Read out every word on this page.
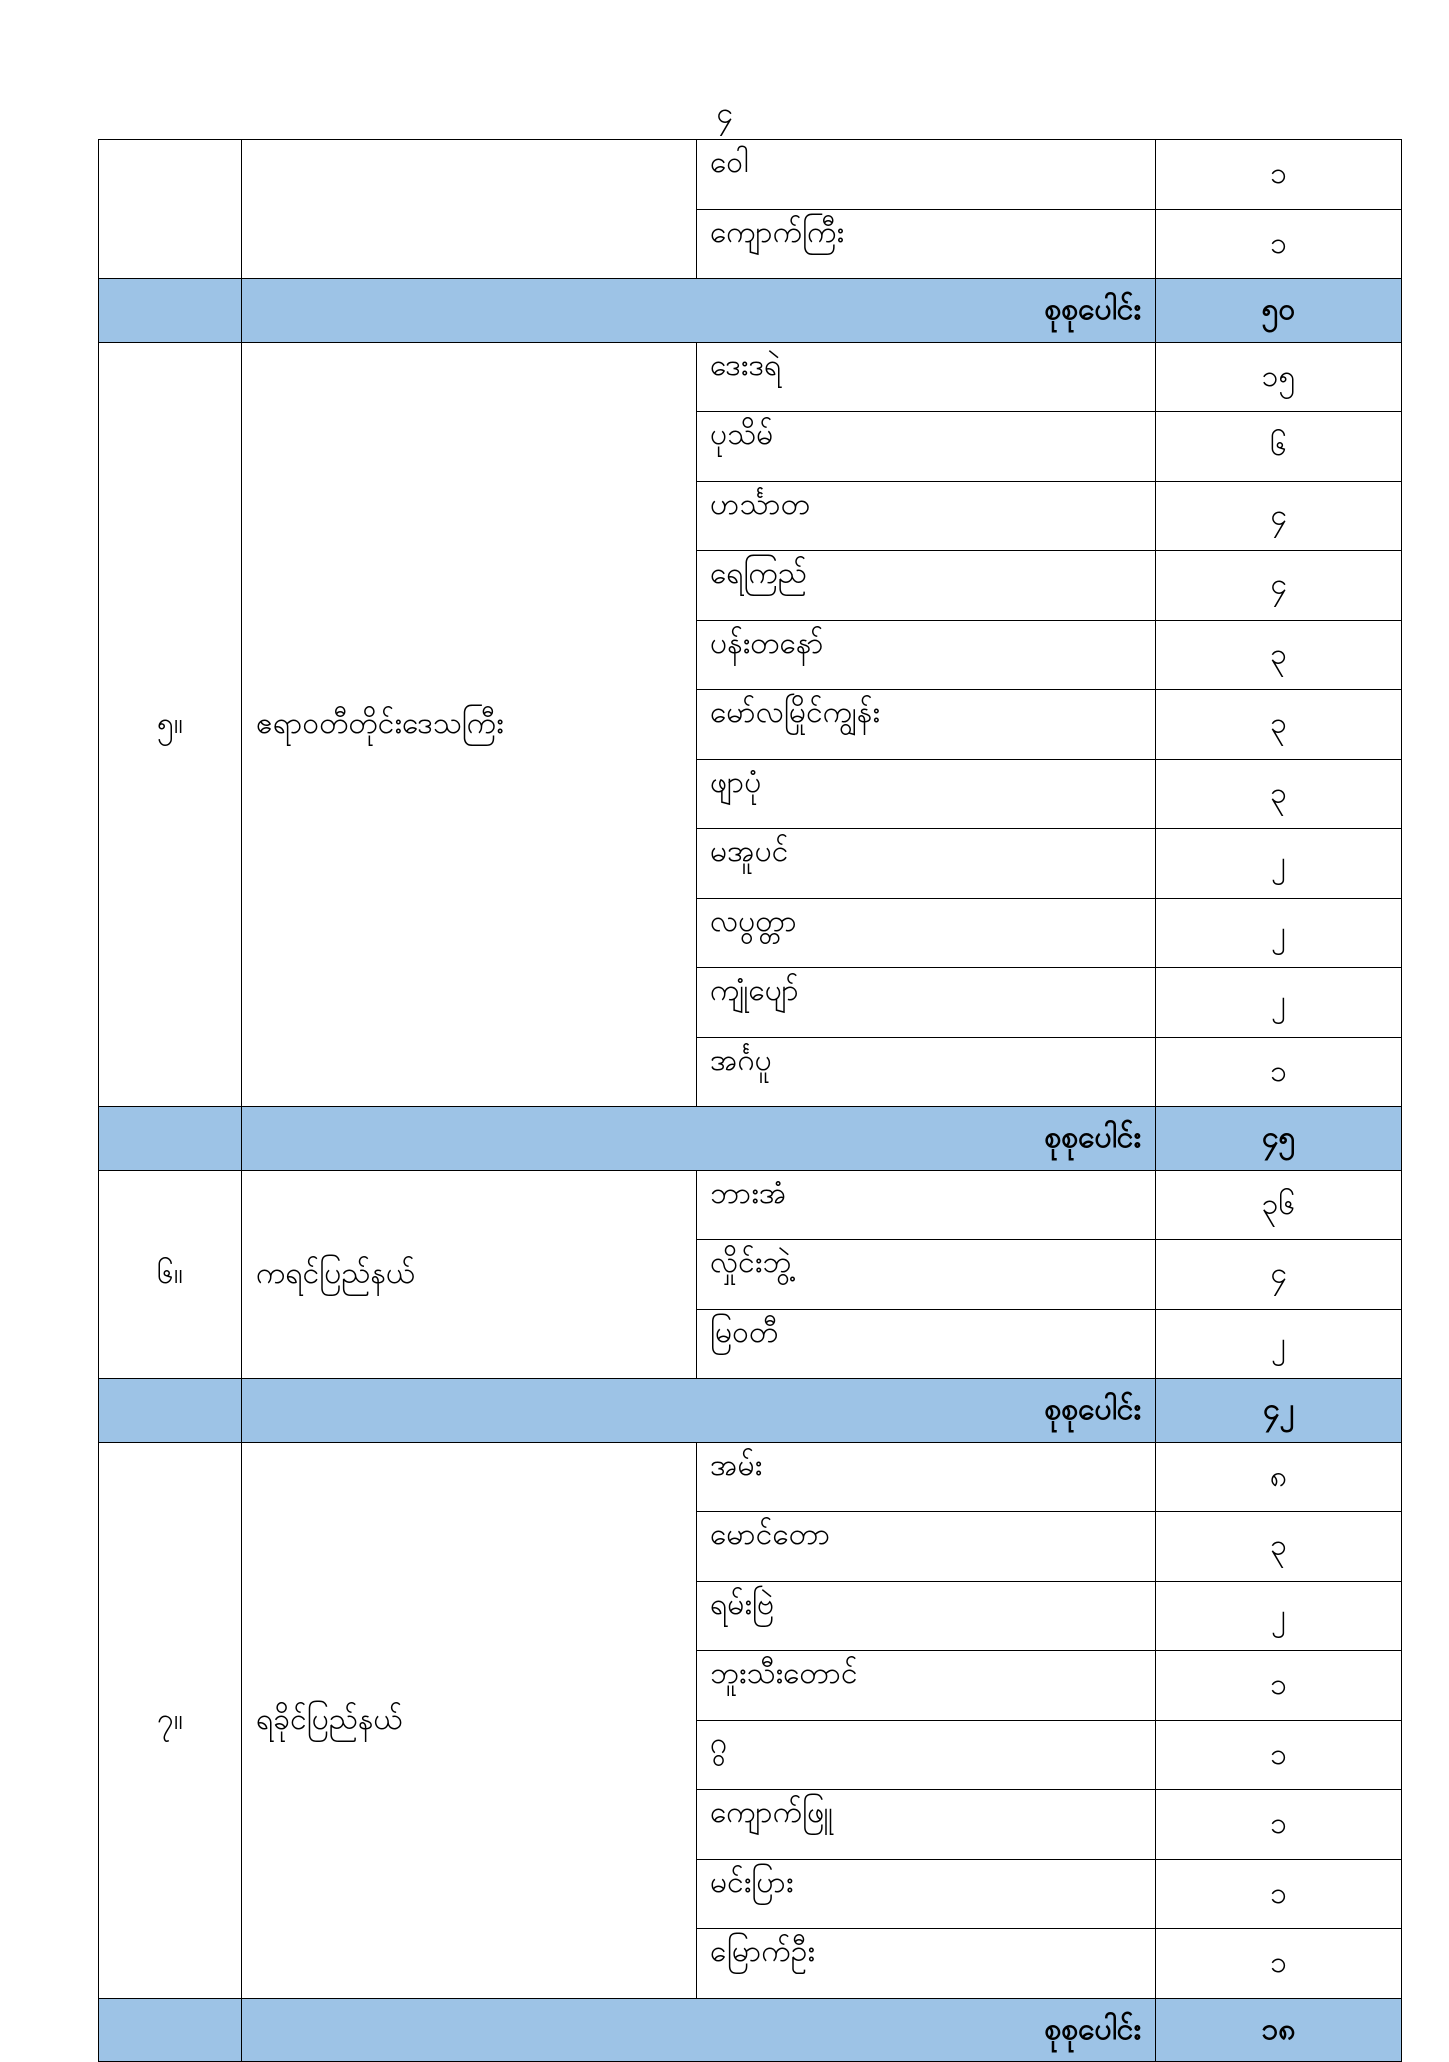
၄
		ဝေါ	၁
		ကျောက်ကြီး	၁
	စုစုပေါင်း		၅၀
၅။	ဧရာဝတီတိုင်းဒေသကြီး	ဒေးဒရဲ	၁၅
		ပုသိမ်	၆
		ဟင်္သာတ	၄
		ရေကြည်	၄
		ပန်းတနော်	၃
		မော်လမြိုင်ကျွန်း	၃
		ဖျာပုံ	၃
		မအူပင်	၂
		လပွတ္တာ	၂
		ကျုံပျော်	၂
		အင်္ဂပူ	၁
	စုစုပေါင်း		၄၅
၆။	ကရင်ပြည်နယ်	ဘားအံ	၃၆
		လှိုင်းဘွဲ့	၄
		မြဝတီ	၂
	စုစုပေါင်း		၄၂
၇။	ရခိုင်ပြည်နယ်	အမ်း	၈
		မောင်တော	၃
		ရမ်းဗြဲ	၂
		ဘူးသီးတောင်	၁
		ဂွ	၁
		ကျောက်ဖြူ	၁
		မင်းပြား	၁
		မြောက်ဦး	၁
	စုစုပေါင်း		၁၈
